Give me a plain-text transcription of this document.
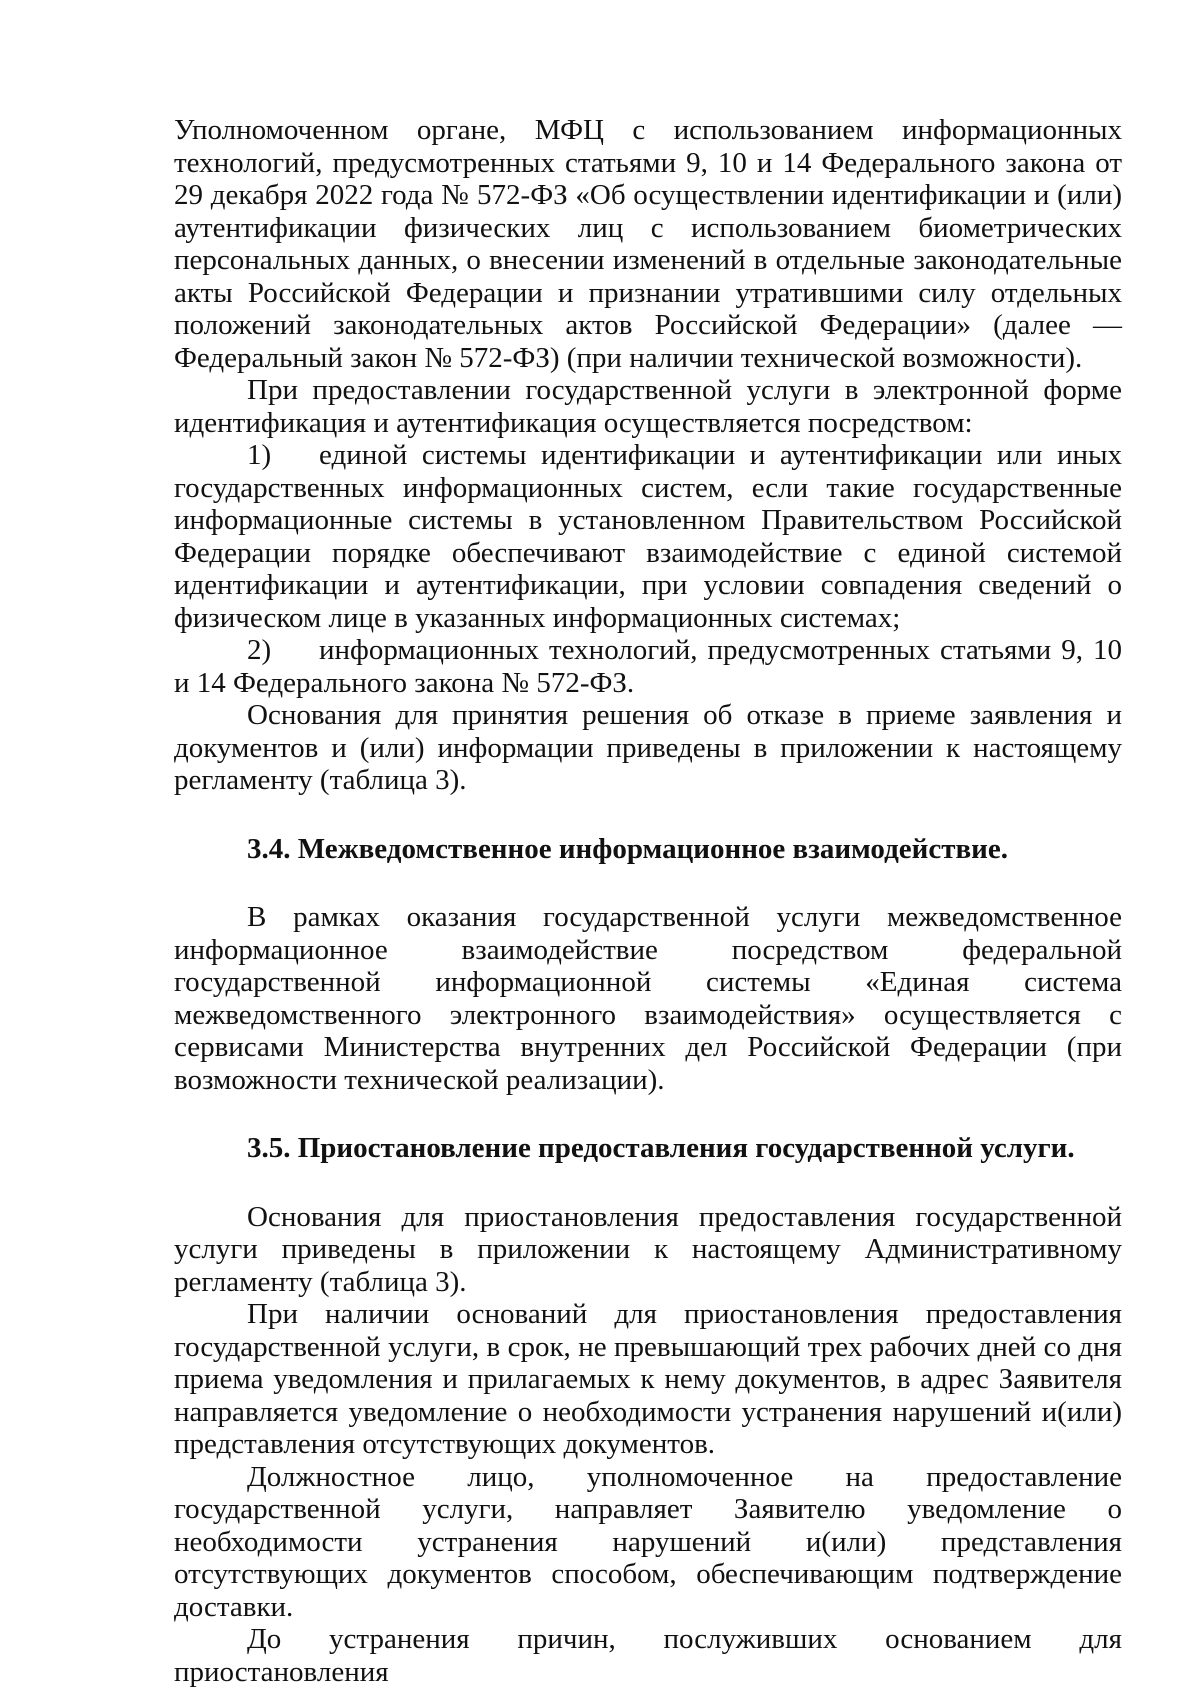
Уполномоченном органе, МФЦ с использованием информационных технологий, предусмотренных статьями 9, 10 и 14 Федерального закона от 29 декабря 2022 года № 572-ФЗ «Об осуществлении идентификации и (или) аутентификации физических лиц с использованием биометрических персональных данных, о внесении изменений в отдельные законодательные акты Российской Федерации и признании утратившими силу отдельных положений законодательных актов Российской Федерации» (далее — Федеральный закон № 572-ФЗ) (при наличии технической возможности).

При предоставлении государственной услуги в электронной форме идентификация и аутентификация осуществляется посредством:

1) единой системы идентификации и аутентификации или иных государственных информационных систем, если такие государственные информационные системы в установленном Правительством Российской Федерации порядке обеспечивают взаимодействие с единой системой идентификации и аутентификации, при условии совпадения сведений о физическом лице в указанных информационных системах;

2) информационных технологий, предусмотренных статьями 9, 10 и 14 Федерального закона № 572-ФЗ.

Основания для принятия решения об отказе в приеме заявления и документов и (или) информации приведены в приложении к настоящему регламенту (таблица 3).

3.4. Межведомственное информационное взаимодействие.

В рамках оказания государственной услуги межведомственное информационное взаимодействие посредством федеральной государственной информационной системы «Единая система межведомственного электронного взаимодействия» осуществляется с сервисами Министерства внутренних дел Российской Федерации (при возможности технической реализации).

3.5. Приостановление предоставления государственной услуги.

Основания для приостановления предоставления государственной услуги приведены в приложении к настоящему Административному регламенту (таблица 3).

При наличии оснований для приостановления предоставления государственной услуги, в срок, не превышающий трех рабочих дней со дня приема уведомления и прилагаемых к нему документов, в адрес Заявителя направляется уведомление о необходимости устранения нарушений и(или) представления отсутствующих документов.

Должностное лицо, уполномоченное на предоставление государственной услуги, направляет Заявителю уведомление о необходимости устранения нарушений и(или) представления отсутствующих документов способом, обеспечивающим подтверждение доставки.

До устранения причин, послуживших основанием для приостановления
